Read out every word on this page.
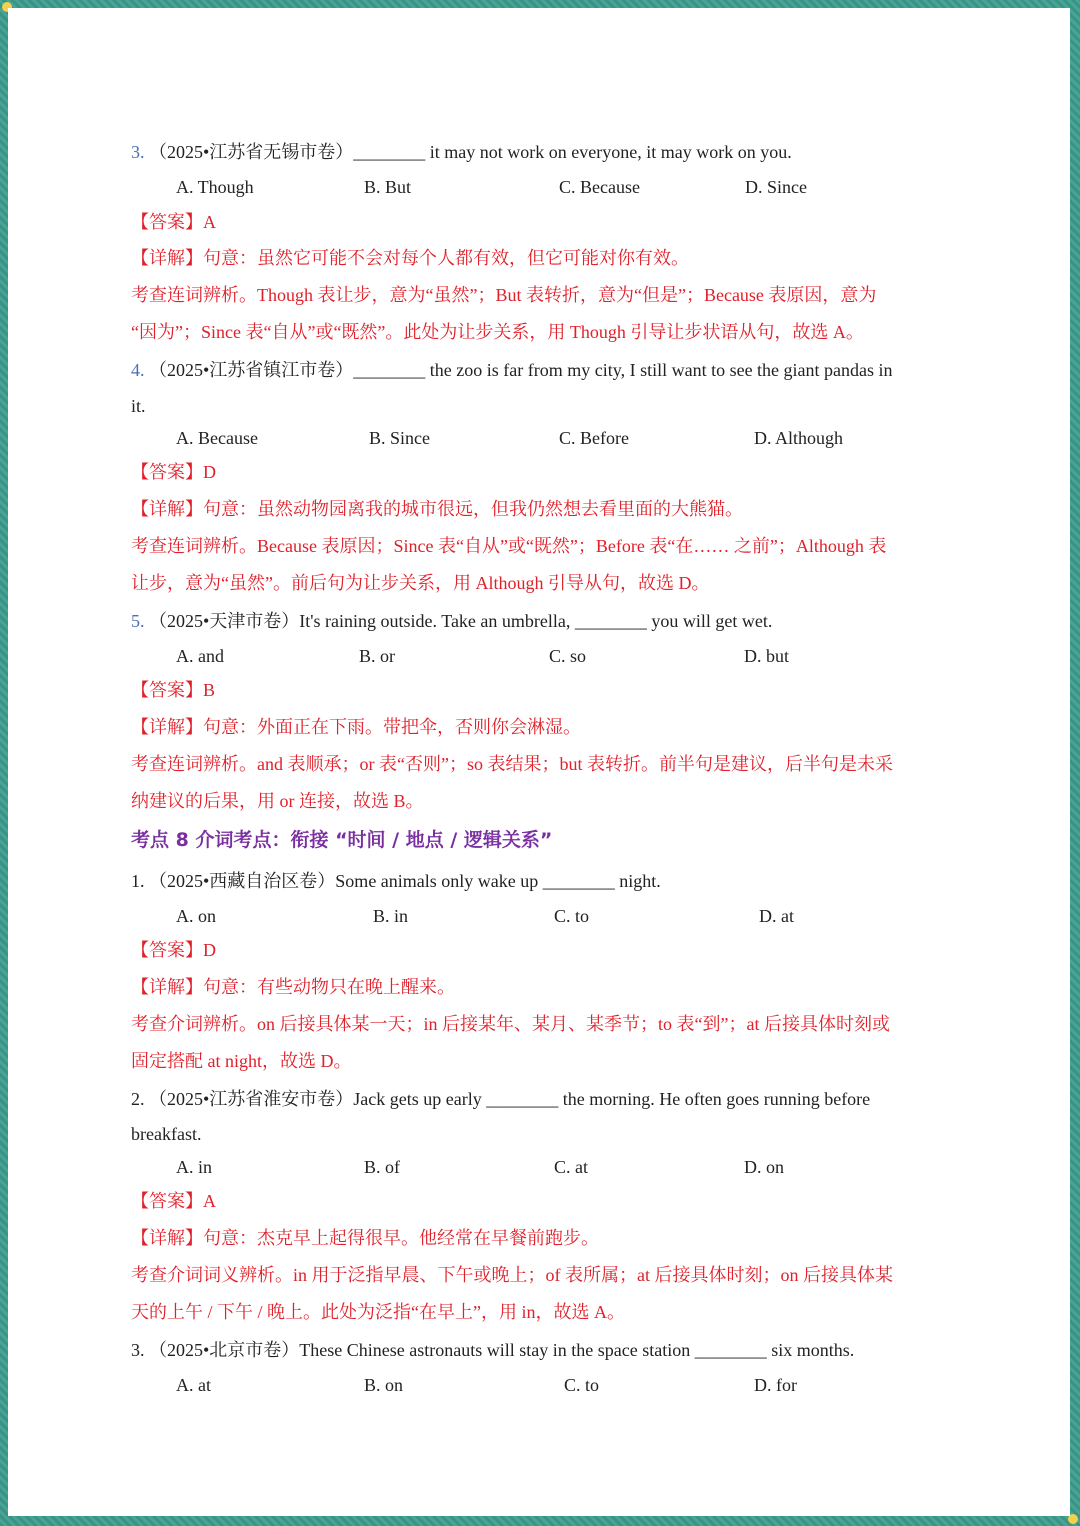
3. （2025•江苏省无锡市卷）________ it may not work on everyone, it may work on you.
A. Though	B. But	C. Because	D. Since
【答案】A
【详解】句意：虽然它可能不会对每个人都有效，但它可能对你有效。
考查连词辨析。Though 表让步，意为“虽然”；But 表转折，意为“但是”；Because 表原因，意为
“因为”；Since 表“自从”或“既然”。此处为让步关系，用 Though 引导让步状语从句，故选 A。
4. （2025•江苏省镇江市卷）________ the zoo is far from my city, I still want to see the giant pandas in
it.
A. Because	B. Since	C. Before	D. Although
【答案】D
【详解】句意：虽然动物园离我的城市很远，但我仍然想去看里面的大熊猫。
考查连词辨析。Because 表原因；Since 表“自从”或“既然”；Before 表“在…… 之前”；Although 表
让步，意为“虽然”。前后句为让步关系，用 Although 引导从句，故选 D。
5. （2025•天津市卷）It's raining outside. Take an umbrella, ________ you will get wet.
A. and	B. or	C. so	D. but
【答案】B
【详解】句意：外面正在下雨。带把伞，否则你会淋湿。
考查连词辨析。and 表顺承；or 表“否则”；so 表结果；but 表转折。前半句是建议，后半句是未采
纳建议的后果，用 or 连接，故选 B。
考点 8 介词考点：衔接 “时间 / 地点 / 逻辑关系”
1. （2025•西藏自治区卷）Some animals only wake up ________ night.
A. on	B. in	C. to	D. at
【答案】D
【详解】句意：有些动物只在晚上醒来。
考查介词辨析。on 后接具体某一天；in 后接某年、某月、某季节；to 表“到”；at 后接具体时刻或
固定搭配 at night，故选 D。
2. （2025•江苏省淮安市卷）Jack gets up early ________ the morning. He often goes running before
breakfast.
A. in	B. of	C. at	D. on
【答案】A
【详解】句意：杰克早上起得很早。他经常在早餐前跑步。
考查介词词义辨析。in 用于泛指早晨、下午或晚上；of 表所属；at 后接具体时刻；on 后接具体某
天的上午 / 下午 / 晚上。此处为泛指“在早上”，用 in，故选 A。
3. （2025•北京市卷）These Chinese astronauts will stay in the space station ________ six months.
A. at	B. on	C. to	D. for
